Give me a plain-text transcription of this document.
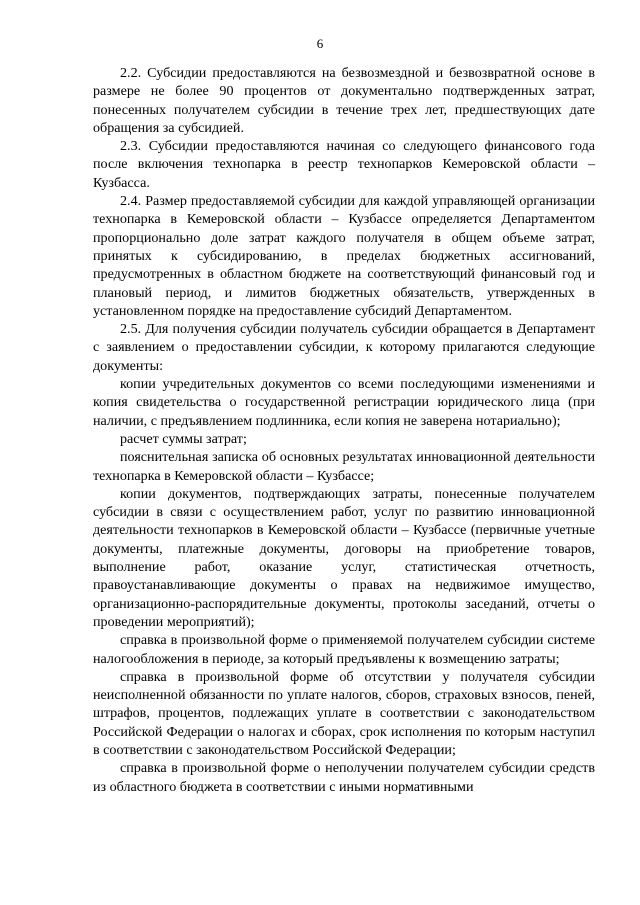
6

2.2. Субсидии предоставляются на безвозмездной и безвозвратной основе в размере не более 90 процентов от документально подтвержденных затрат, понесенных получателем субсидии в течение трех лет, предшествующих дате обращения за субсидией.

2.3. Субсидии предоставляются начиная со следующего финансового года после включения технопарка в реестр технопарков Кемеровской области – Кузбасса.

2.4. Размер предоставляемой субсидии для каждой управляющей организации технопарка в Кемеровской области – Кузбассе определяется Департаментом пропорционально доле затрат каждого получателя в общем объеме затрат, принятых к субсидированию, в пределах бюджетных ассигнований, предусмотренных в областном бюджете на соответствующий финансовый год и плановый период, и лимитов бюджетных обязательств, утвержденных в установленном порядке на предоставление субсидий Департаментом.

2.5. Для получения субсидии получатель субсидии обращается в Департамент с заявлением о предоставлении субсидии, к которому прилагаются следующие документы:

копии учредительных документов со всеми последующими изменениями и копия свидетельства о государственной регистрации юридического лица (при наличии, с предъявлением подлинника, если копия не заверена нотариально);

расчет суммы затрат;

пояснительная записка об основных результатах инновационной деятельности технопарка в Кемеровской области – Кузбассе;

копии документов, подтверждающих затраты, понесенные получателем субсидии в связи с осуществлением работ, услуг по развитию инновационной деятельности технопарков в Кемеровской области – Кузбассе (первичные учетные документы, платежные документы, договоры на приобретение товаров, выполнение работ, оказание услуг, статистическая отчетность, правоустанавливающие документы о правах на недвижимое имущество, организационно-распорядительные документы, протоколы заседаний, отчеты о проведении мероприятий);

справка в произвольной форме о применяемой получателем субсидии системе налогообложения в периоде, за который предъявлены к возмещению затраты;

справка в произвольной форме об отсутствии у получателя субсидии неисполненной обязанности по уплате налогов, сборов, страховых взносов, пеней, штрафов, процентов, подлежащих уплате в соответствии с законодательством Российской Федерации о налогах и сборах, срок исполнения по которым наступил в соответствии с законодательством Российской Федерации;

справка в произвольной форме о неполучении получателем субсидии средств из областного бюджета в соответствии с иными нормативными
